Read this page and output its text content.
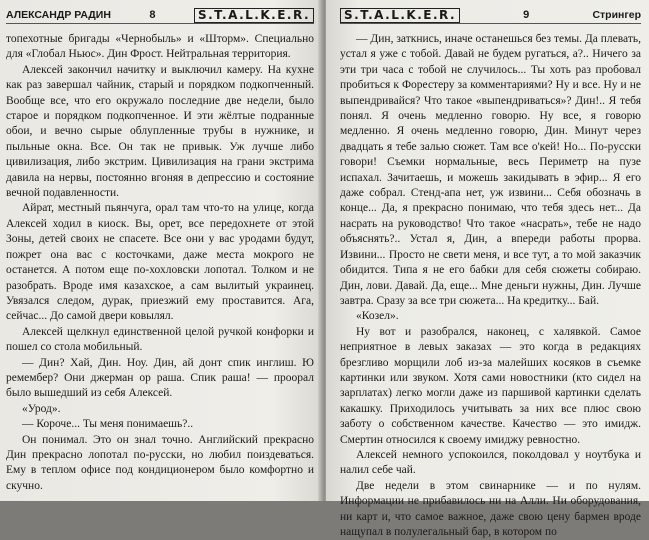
АЛЕКСАНДР РАДИН	8	S.T.A.L.K.E.R.

топехотные бригады «Чернобыль» и «Шторм». Специально для «Глобал Ньюс». Дин Фрост. Нейтральная территория.

Алексей закончил начитку и выключил камеру. На кухне как раз завершал чайник, старый и порядком подкопченный. Вообще все, что его окружало последние две недели, было старое и порядком подкопченное. И эти жёлтые подранные обои, и вечно сырые облупленные трубы в нужнике, и пыльные окна. Все. Он так не привык. Уж лучше либо цивилизация, либо экстрим. Цивилизация на грани экстрима давила на нервы, постоянно вгоняя в депрессию и состояние вечной подавленности.

Айрат, местный пьянчуга, орал там что-то на улице, когда Алексей ходил в киоск. Вы, орет, все передохнете от этой Зоны, детей своих не спасете. Все они у вас уродами будут, пожрет она вас с косточками, даже места мокрого не останется. А потом еще по-хохловски лопотал. Толком и не разобрать. Вроде имя казахское, а сам вылитый украинец. Увязался следом, дурак, приезжий ему проставится. Ага, сейчас... До самой двери ковылял.

Алексей щелкнул единственной целой ручкой конфорки и пошел со стола мобильный.

— Дин? Хай, Дин. Ноу. Дин, ай донт спик инглиш. Ю ремембер? Они джерман ор раша. Спик раша! — проорал было вышедший из себя Алексей.

«Урод».

— Короче... Ты меня понимаешь?..

Он понимал. Это он знал точно. Английский прекрасно Дин прекрасно лопотал по-русски, но любил поиздеваться. Ему в теплом офисе под кондиционером было комфортно и скучно.

S.T.A.L.K.E.R.	9	Стрингер

— Дин, заткнись, иначе останешься без темы. Да плевать, устал я уже с тобой. Давай не будем ругаться, а?.. Ничего за эти три часа с тобой не случилось... Ты хоть раз пробовал пробиться к Форестеру за комментариями? Ну и все. Ну и не выпендривайся? Что такое «выпендриваться»? Дин!.. Я тебя понял. Я очень медленно говорю. Ну все, я говорю медленно. Я очень медленно говорю, Дин. Минут через двадцать я тебе залью сюжет. Там все о'кей! Но... По-русски говори! Съемки нормальные, весь Периметр на пузе испахал. Зачитаешь, и можешь закидывать в эфир... Я его даже собрал. Стенд-апа нет, уж извини... Себя обозначь в конце... Да, я прекрасно понимаю, что тебя здесь нет... Да насрать на руководство! Что такое «насрать», тебе не надо объяснять?.. Устал я, Дин, а впереди работы прорва. Извини... Просто не свети меня, и все тут, а то мой заказчик обидится. Типа я не его бабки для себя сюжеты собираю. Дин, лови. Давай. Да, еще... Мне деньги нужны, Дин. Лучше завтра. Сразу за все три сюжета... На кредитку... Бай.

«Козел».

Ну вот и разобрался, наконец, с халявкой. Самое неприятное в левых заказах — это когда в редакциях брезгливо морщили лоб из-за малейших косяков в съемке картинки или звуком. Хотя сами новостники (кто сидел на зарплатах) легко могли даже из паршивой картинки сделать какашку. Приходилось учитывать за них все плюс свою заботу о собственном качестве. Качество — это имидж. Смертин относился к своему имиджу ревностно.

Алексей немного успокоился, поколдовал у ноутбука и налил себе чай.

Две недели в этом свинарнике — и по нулям. Информации не прибавилось ни на Алли. Ни оборудования, ни карт и, что самое важное, даже свою цену бармен вроде нащупал в полулегальный бар, в котором по
